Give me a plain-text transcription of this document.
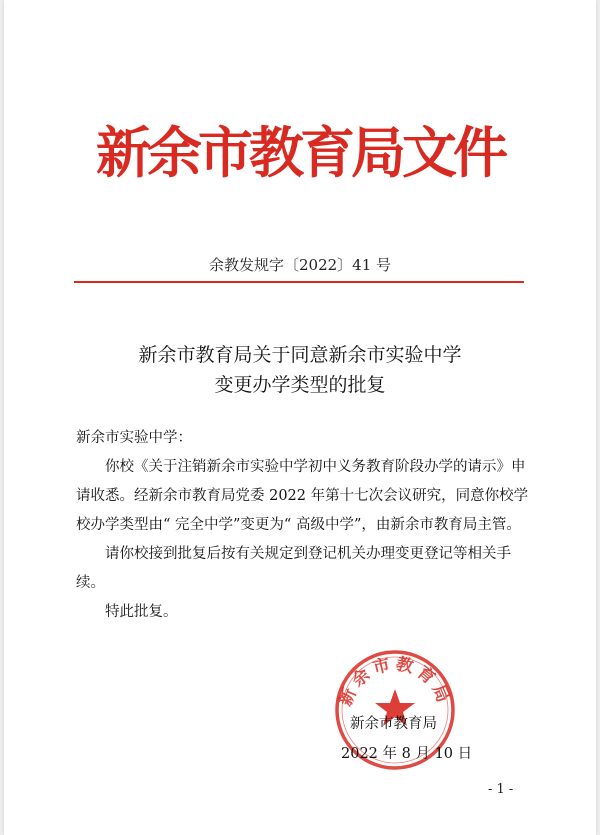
新余市教育局文件
余教发规字〔2022〕41 号
新余市教育局关于同意新余市实验中学
变更办学类型的批复

新余市实验中学：

你校《关于注销新余市实验中学初中义务教育阶段办学的请示》申请收悉。经新余市教育局党委 2022 年第十七次会议研究，同意你校学校办学类型由“ 完全中学”变更为“ 高级中学”，由新余市教育局主管。

请你校接到批复后按有关规定到登记机关办理变更登记等相关手续。

特此批复。

新余市教育局
新余市教育局
2022 年 8 月 10 日
- 1 -
